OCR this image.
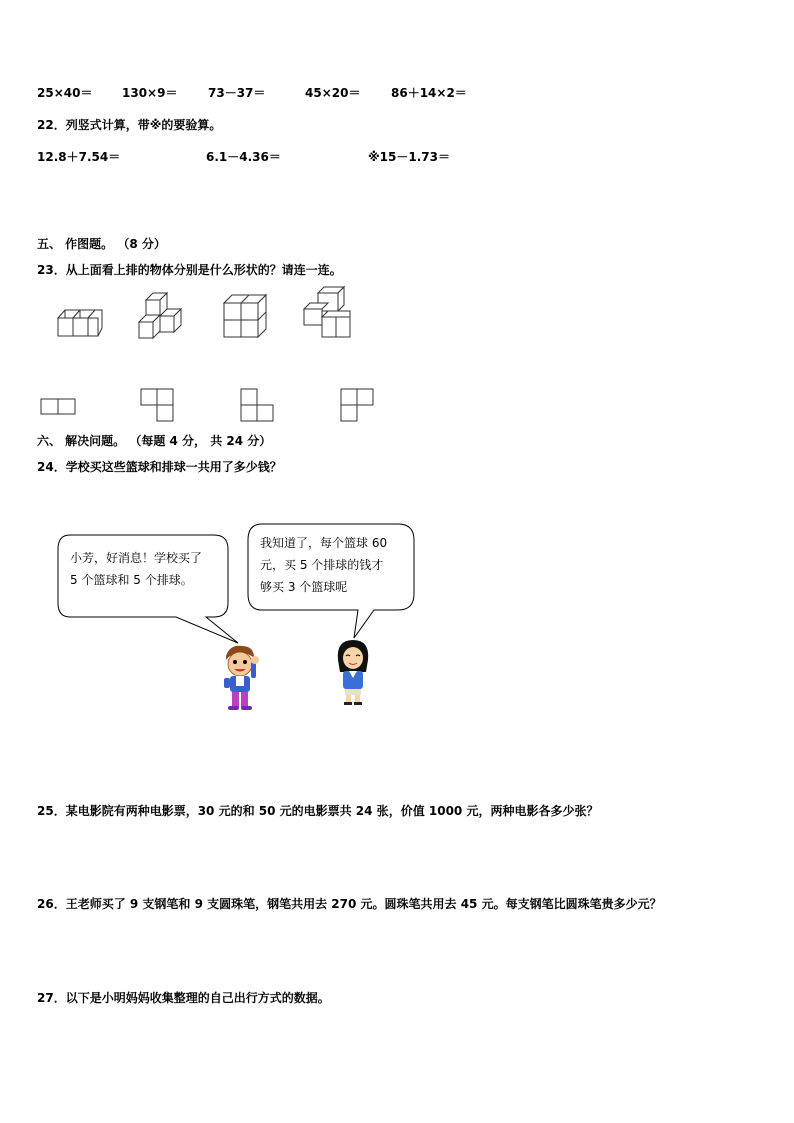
25×40＝ 130×9＝	73－37＝	45×20＝	86＋14×2＝
22．列竖式计算，带※的要验算。
12.8＋7.54＝	6.1－4.36＝	※15－1.73＝
五、 作图题。 （8 分）
23．从上面看上排的物体分别是什么形状的？请连一连。
六、 解决问题。 （每题 4 分， 共 24 分）
24．学校买这些篮球和排球一共用了多少钱？
小芳，好消息！学校买了
5 个篮球和 5 个排球。
我知道了，每个篮球 60
元，买 5 个排球的钱才
够买 3 个篮球呢
25．某电影院有两种电影票，30 元的和 50 元的电影票共 24 张，价值 1000 元，两种电影各多少张？
26．王老师买了 9 支钢笔和 9 支圆珠笔，钢笔共用去 270 元。圆珠笔共用去 45 元。每支钢笔比圆珠笔贵多少元？
27．以下是小明妈妈收集整理的自己出行方式的数据。
